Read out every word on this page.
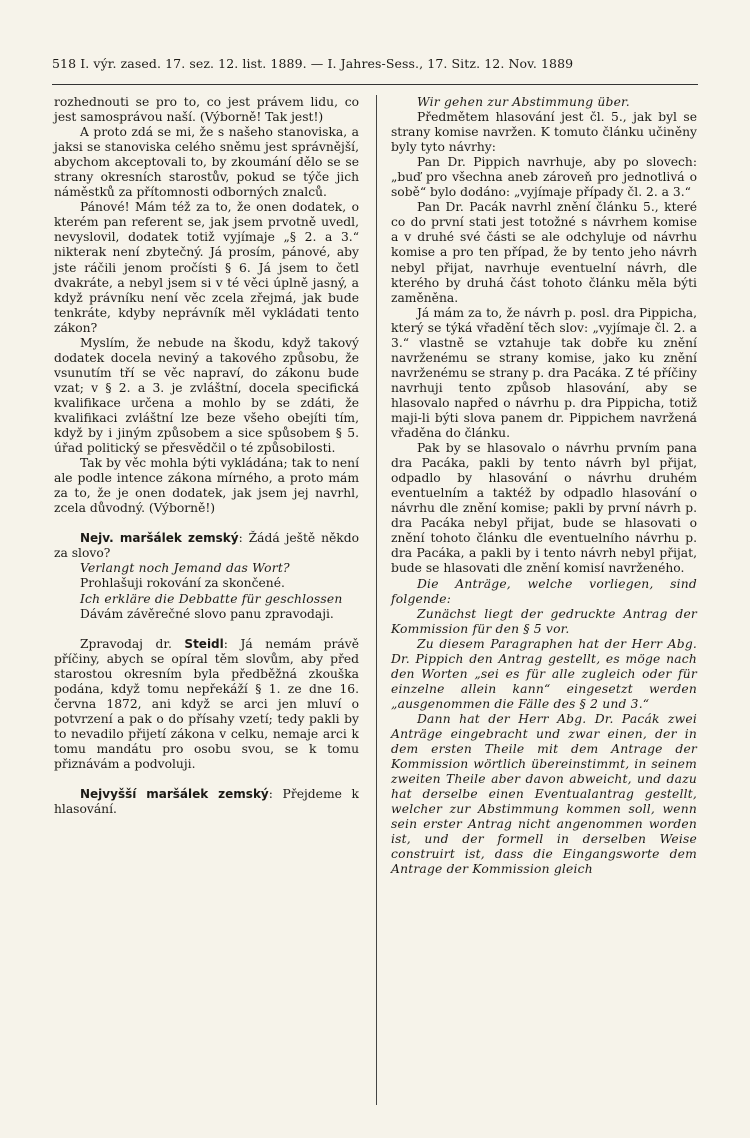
518 I. výr. zased. 17. sez. 12. list. 1889. — I. Jahres-Sess., 17. Sitz. 12. Nov. 1889

rozhednouti se pro to, co jest právem lidu, co jest samosprávou naší. (Výborně! Tak jest!)

A proto zdá se mi, že s našeho stanoviska, a jaksi se stanoviska celého sněmu jest správnější, abychom akceptovali to, by zkoumání dělo se se strany okresních starostův, pokud se týče jich náměstků za přítomnosti odborných znalců.

Pánové! Mám též za to, že onen dodatek, o kterém pan referent se, jak jsem prvotně uvedl, nevyslovil, dodatek totiž vyjímaje „§ 2. a 3.“ nikterak není zbytečný. Já prosím, pánové, aby jste ráčili jenom pročísti § 6. Já jsem to četl dvakráte, a nebyl jsem si v té věci úplně jasný, a když právníku není věc zcela zřejmá, jak bude tenkráte, kdyby neprávník měl vykládati tento zákon?

Myslím, že nebude na škodu, když takový dodatek docela neviný a takového způsobu, že vsunutím tří se věc napraví, do zákonu bude vzat; v § 2. a 3. je zvláštní, docela specifická kvalifikace určena a mohlo by se zdáti, že kvalifikaci zvláštní lze beze všeho obejíti tím, když by i jiným způsobem a sice spůsobem § 5. úřad politický se přesvědčil o té způsobilosti.

Tak by věc mohla býti vykládána; tak to není ale podle intence zákona mírného, a proto mám za to, že je onen dodatek, jak jsem jej navrhl, zcela důvodný. (Výborně!)

Nejv. maršálek zemský: Žádá ještě někdo za slovo?

Verlangt noch Jemand das Wort?

Prohlašuji rokování za skončené.

Ich erkläre die Debbatte für geschlossen

Dávám závěrečné slovo panu zpravodaji.

Zpravodaj dr. Steidl: Já nemám právě příčiny, abych se opíral těm slovům, aby před starostou okresním byla předběžná zkouška podána, když tomu nepřekáží § 1. ze dne 16. června 1872, ani když se arci jen mluví o potvrzení a pak o do přísahy vzetí; tedy pakli by to nevadilo přijetí zákona v celku, nemaje arci k tomu mandátu pro osobu svou, se k tomu přiznávám a podvoluji.

Nejvyšší maršálek zemský: Přejdeme k hlasování.

Wir gehen zur Abstimmung über.

Předmětem hlasování jest čl. 5., jak byl se strany komise navržen. K tomuto článku učiněny byly tyto návrhy:

Pan Dr. Pippich navrhuje, aby po slovech: „buď pro všechna aneb zároveň pro jednotlivá o sobě“ bylo dodáno: „vyjímaje případy čl. 2. a 3.“

Pan Dr. Pacák navrhl znění článku 5., které co do první stati jest totožné s návrhem komise a v druhé své části se ale odchyluje od návrhu komise a pro ten případ, že by tento jeho návrh nebyl přijat, navrhuje eventuelní návrh, dle kterého by druhá část tohoto článku měla býti zaměněna.

Já mám za to, že návrh p. posl. dra Pippicha, který se týká vřadění těch slov: „vyjímaje čl. 2. a 3.“ vlastně se vztahuje tak dobře ku znění navrženému se strany komise, jako ku znění navrženému se strany p. dra Pacáka. Z té příčiny navrhuji tento způsob hlasování, aby se hlasovalo napřed o návrhu p. dra Pippicha, totiž maji-li býti slova panem dr. Pippichem navržená vřaděna do článku.

Pak by se hlasovalo o návrhu prvním pana dra Pacáka, pakli by tento návrh byl přijat, odpadlo by hlasování o návrhu druhém eventuelním a taktéž by odpadlo hlasování o návrhu dle znění komise; pakli by první návrh p. dra Pacáka nebyl přijat, bude se hlasovati o znění tohoto článku dle eventuelního návrhu p. dra Pacáka, a pakli by i tento návrh nebyl přijat, bude se hlasovati dle znění komisí navrženého.

Die Anträge, welche vorliegen, sind folgende:

Zunächst liegt der gedruckte Antrag der Kommission für den § 5 vor.

Zu diesem Paragraphen hat der Herr Abg. Dr. Pippich den Antrag gestellt, es möge nach den Worten „sei es für alle zugleich oder für einzelne allein kann“ eingesetzt werden „ausgenommen die Fälle des § 2 und 3.“

Dann hat der Herr Abg. Dr. Pacák zwei Anträge eingebracht und zwar einen, der in dem ersten Theile mit dem Antrage der Kommission wörtlich übereinstimmt, in seinem zweiten Theile aber davon abweicht, und dazu hat derselbe einen Eventualantrag gestellt, welcher zur Abstimmung kommen soll, wenn sein erster Antrag nicht angenommen worden ist, und der formell in derselben Weise construirt ist, dass die Eingangsworte dem Antrage der Kommission gleich
